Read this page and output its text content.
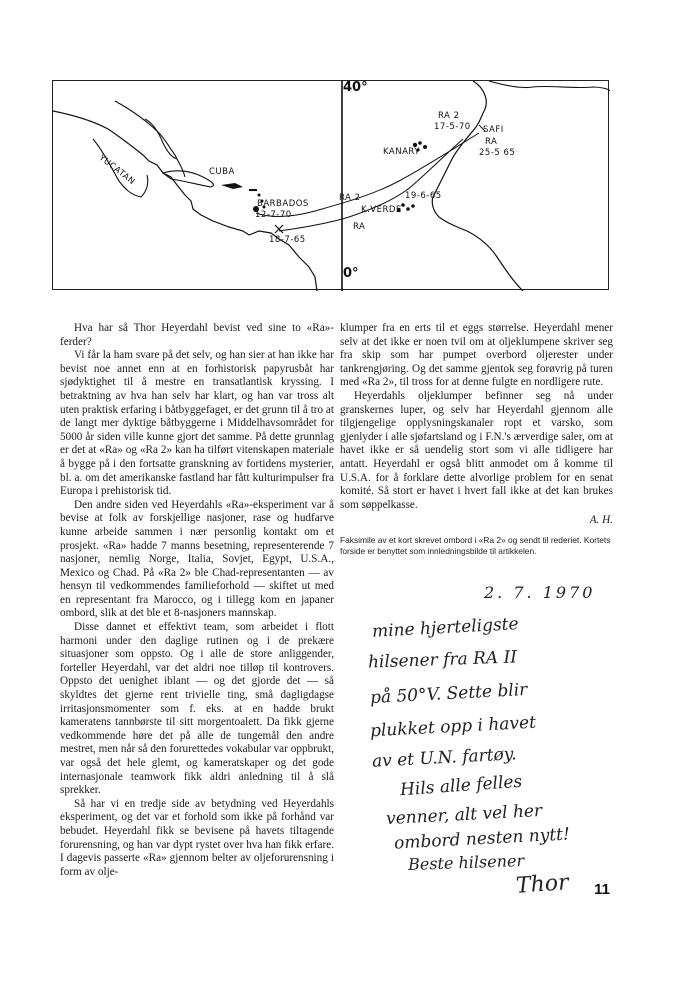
40°
0°
YUCATAN	CUBA
BARBADOS
12-7-70
18-7-65
RA 2
17-5-70 SAFI
RA
25-5 65
KANARY
19-6-65
RA 2
K.VERDE
RA

Hva har så Thor Heyerdahl bevist ved sine to «Ra»-ferder?

Vi får la ham svare på det selv, og han sier at han ikke har bevist noe annet enn at en forhistorisk papyrusbåt har sjødyktighet til å mestre en transatlantisk kryssing. I betraktning av hva han selv har klart, og han var tross alt uten praktisk erfaring i båtbyggefaget, er det grunn til å tro at de langt mer dyktige båtbyggerne i Middelhavsområdet for 5000 år siden ville kunne gjort det samme. På dette grunnlag er det at «Ra» og «Ra 2» kan ha tilført vitenskapen materiale å bygge på i den fortsatte granskning av fortidens mysterier, bl. a. om det amerikanske fastland har fått kulturimpulser fra Europa i prehistorisk tid.

Den andre siden ved Heyerdahls «Ra»-eksperiment var å bevise at folk av forskjellige nasjoner, rase og hudfarve kunne arbeide sammen i nær personlig kontakt om et prosjekt. «Ra» hadde 7 manns besetning, representerende 7 nasjoner, nemlig Norge, Italia, Sovjet, Egypt, U.S.A., Mexico og Chad. På «Ra 2» ble Chad-representanten — av hensyn til vedkommendes familieforhold — skiftet ut med en representant fra Marocco, og i tillegg kom en japaner ombord, slik at det ble et 8-nasjoners mannskap.

Disse dannet et effektivt team, som arbeidet i flott harmoni under den daglige rutinen og i de prekære situasjoner som oppsto. Og i alle de store anliggender, forteller Heyerdahl, var det aldri noe tilløp til kontrovers. Oppsto det uenighet iblant — og det gjorde det — så skyldtes det gjerne rent trivielle ting, små dagligdagse irritasjonsmomenter som f. eks. at en hadde brukt kameratens tannbørste til sitt morgentoalett. Da fikk gjerne vedkommende høre det på alle de tungemål den andre mestret, men når så den forurettedes vokabular var oppbrukt, var også det hele glemt, og kameratskaper og det gode internasjonale teamwork fikk aldri anledning til å slå sprekker.

Så har vi en tredje side av betydning ved Heyerdahls eksperiment, og det var et forhold som ikke på forhånd var bebudet. Heyerdahl fikk se bevisene på havets tiltagende forurensning, og han var dypt rystet over hva han fikk erfare. I dagevis passerte «Ra» gjennom belter av oljeforurensning i form av olje-

klumper fra en erts til et eggs størrelse. Heyerdahl mener selv at det ikke er noen tvil om at oljeklumpene skriver seg fra skip som har pumpet overbord oljerester under tankrengjøring. Og det samme gjentok seg forøvrig på turen med «Ra 2», til tross for at denne fulgte en nordligere rute.

Heyerdahls oljeklumper befinner seg nå under granskernes luper, og selv har Heyerdahl gjennom alle tilgjengelige opplysningskanaler ropt et varsko, som gjenlyder i alle sjøfartsland og i F.N.'s ærverdige saler, om at havet ikke er så uendelig stort som vi alle tidligere har antatt. Heyerdahl er også blitt anmodet om å komme til U.S.A. for å forklare dette alvorlige problem for en senat komité. Så stort er havet i hvert fall ikke at det kan brukes som søppelkasse.

A. H.
Faksimile av et kort skrevet ombord i «Ra 2» og sendt til rederiet. Kortets forside er benyttet som innledningsbilde til artikkelen.
2. 7. 1970
mine hjerteligste
hilsener fra RA II
på 50°V. Sette blir
plukket opp i havet
av et U.N. fartøy.
Hils alle felles
venner, alt vel her
ombord nesten nytt!
Beste hilsener
Thor 11
